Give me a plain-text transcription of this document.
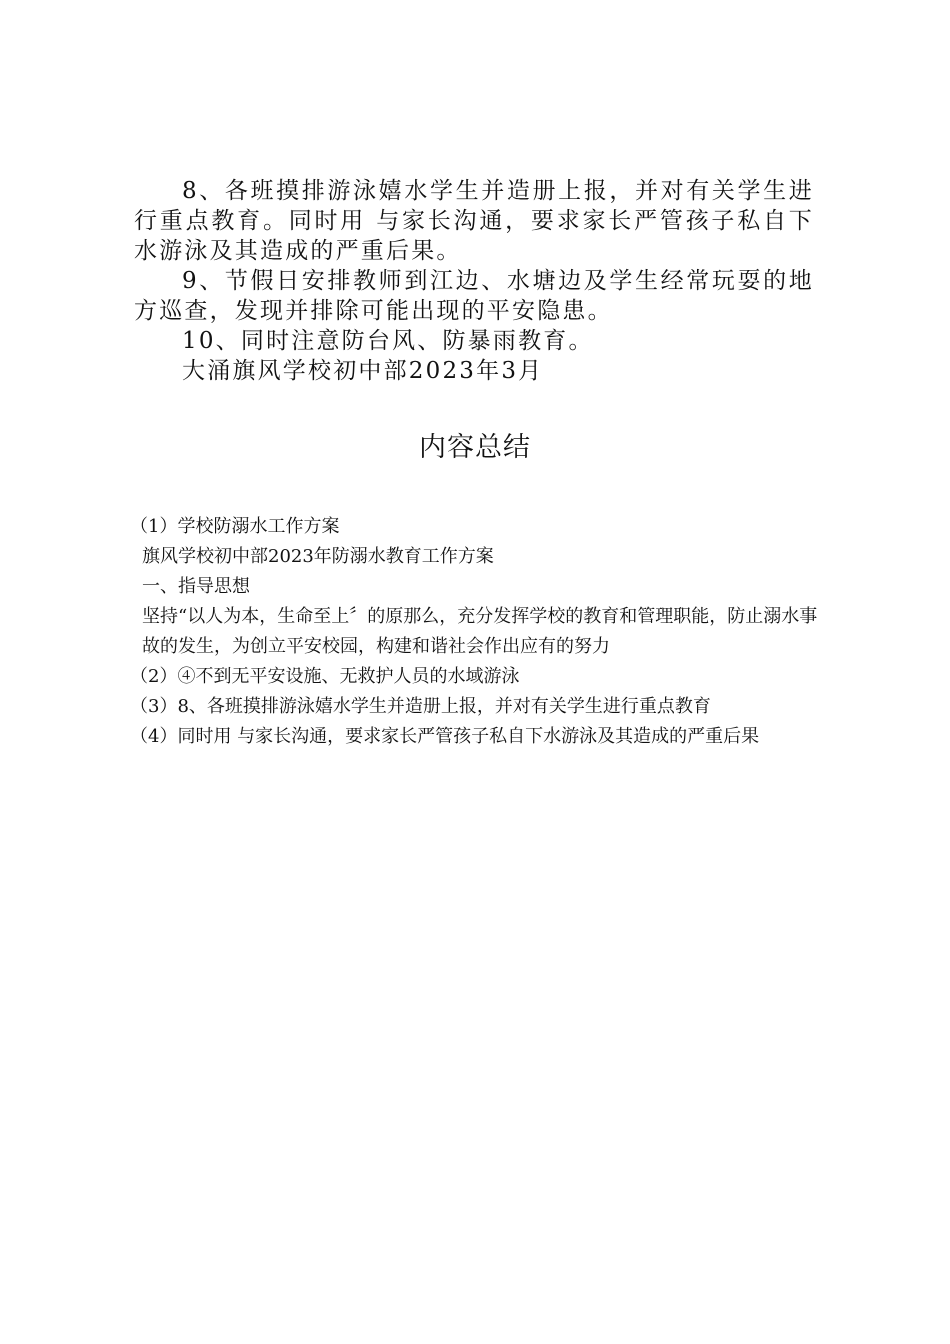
8、各班摸排游泳嬉水学生并造册上报，并对有关学生进行重点教育。同时用 与家长沟通，要求家长严管孩子私自下水游泳及其造成的严重后果。

9、节假日安排教师到江边、水塘边及学生经常玩耍的地方巡查，发现并排除可能出现的平安隐患。

10、同时注意防台风、防暴雨教育。

大涌旗风学校初中部2023年3月

内容总结

（1）学校防溺水工作方案

旗风学校初中部2023年防溺水教育工作方案

一、指导思想

坚持“以人为本，生命至上〞的原那么，充分发挥学校的教育和管理职能，防止溺水事故的发生，为创立平安校园，构建和谐社会作出应有的努力

（2）④不到无平安设施、无救护人员的水域游泳

（3）8、各班摸排游泳嬉水学生并造册上报，并对有关学生进行重点教育

（4）同时用 与家长沟通，要求家长严管孩子私自下水游泳及其造成的严重后果
